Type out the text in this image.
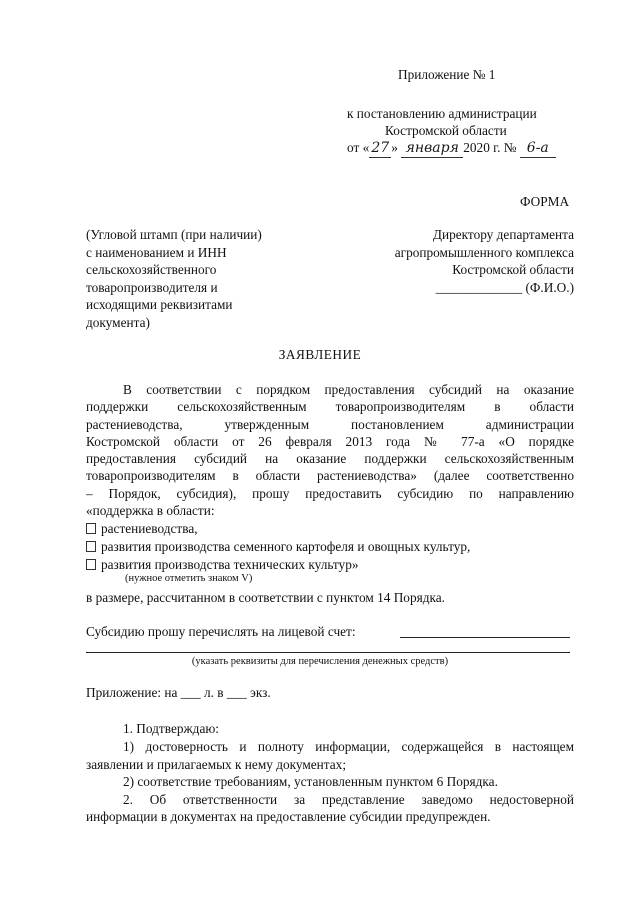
Приложение № 1
к постановлению администрации
Костромской области
от « 27 » января 2020 г. № 6-а
ФОРМА
(Угловой штамп (при наличии)
с наименованием и ИНН
сельскохозяйственного
товаропроизводителя и
исходящими реквизитами
документа)
Директору департамента
агропромышленного комплекса
Костромской области
_____________ (Ф.И.О.)
ЗАЯВЛЕНИЕ
В соответствии с порядком предоставления субсидий на оказание
поддержки сельскохозяйственным товаропроизводителям в области
растениеводства, утвержденным постановлением администрации
Костромской области от 26 февраля 2013 года № 77-а «О порядке
предоставления субсидий на оказание поддержки сельскохозяйственным
товаропроизводителям в области растениеводства» (далее соответственно
– Порядок, субсидия), прошу предоставить субсидию по направлению
«поддержка в области:
растениеводства,
развития производства семенного картофеля и овощных культур,
развития производства технических культур»
(нужное отметить знаком V)
в размере, рассчитанном в соответствии с пунктом 14 Порядка.
Субсидию прошу перечислять на лицевой счет:
(указать реквизиты для перечисления денежных средств)
Приложение: на ___ л. в ___ экз.
1. Подтверждаю:
1) достоверность и полноту информации, содержащейся в настоящем
заявлении и прилагаемых к нему документах;
2) соответствие требованиям, установленным пунктом 6 Порядка.
2. Об ответственности за представление заведомо недостоверной
информации в документах на предоставление субсидии предупрежден.
